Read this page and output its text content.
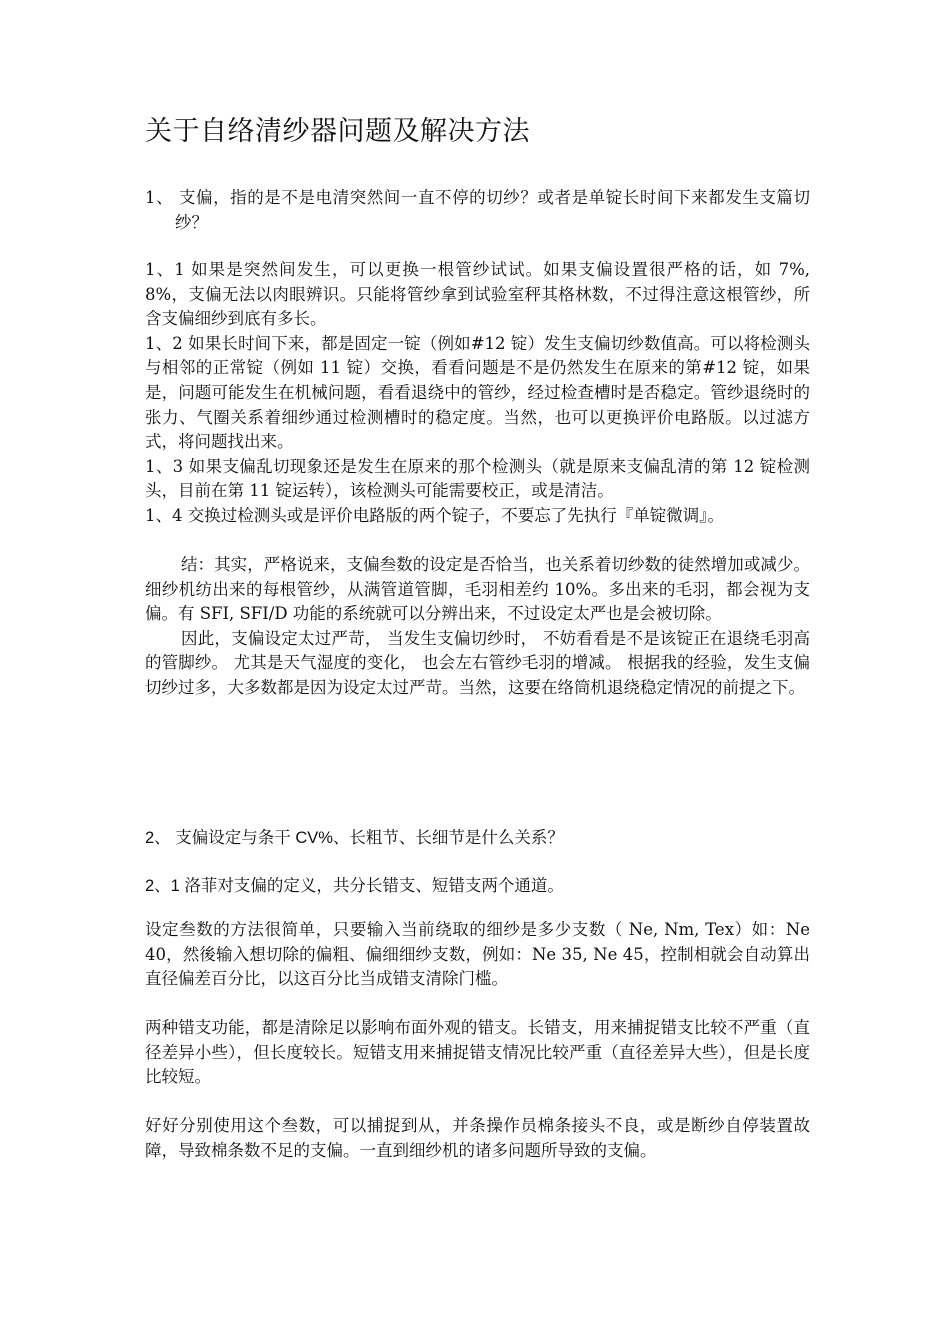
关于自络清纱器问题及解决方法

1、 支偏，指的是不是电清突然间一直不停的切纱？或者是单锭长时间下来都发生支篇切纱？

1、1 如果是突然间发生，可以更换一根管纱试试。如果支偏设置很严格的话，如 7%, 8%，支偏无法以肉眼辨识。只能将管纱拿到试验室秤其格林数，不过得注意这根管纱，所含支偏细纱到底有多长。

1、2 如果长时间下来，都是固定一锭（例如#12 锭）发生支偏切纱数值高。可以将检测头与相邻的正常锭（例如 11 锭）交换，看看问题是不是仍然发生在原来的第#12 锭，如果是，问题可能发生在机械问题，看看退绕中的管纱，经过检查槽时是否稳定。管纱退绕时的张力、气圈关系着细纱通过检测槽时的稳定度。当然，也可以更换评价电路版。以过滤方式，将问题找出来。

1、3 如果支偏乱切现象还是发生在原来的那个检测头（就是原来支偏乱清的第 12 锭检测头，目前在第 11 锭运转），该检测头可能需要校正，或是清洁。

1、4 交换过检测头或是评价电路版的两个锭子，不要忘了先执行『单锭微调』。

结：其实，严格说来，支偏叁数的设定是否恰当，也关系着切纱数的徒然增加或减少。细纱机纺出来的每根管纱，从满管道管脚，毛羽相差约 10%。多出来的毛羽，都会视为支偏。有 SFI, SFI/D 功能的系统就可以分辨出来，不过设定太严也是会被切除。

因此，支偏设定太过严苛， 当发生支偏切纱时， 不妨看看是不是该锭正在退绕毛羽高的管脚纱。 尤其是天气湿度的变化， 也会左右管纱毛羽的增减。 根据我的经验，发生支偏切纱过多，大多数都是因为设定太过严苛。当然，这要在络筒机退绕稳定情况的前提之下。

2、 支偏设定与条干 CV%、长粗节、长细节是什么关系？

2、1 洛菲对支偏的定义，共分长错支、短错支两个通道。

设定叁数的方法很简单，只要输入当前绕取的细纱是多少支数（ Ne, Nm, Tex）如：Ne 40，然後输入想切除的偏粗、偏细细纱支数，例如：Ne 35, Ne 45，控制相就会自动算出直径偏差百分比，以这百分比当成错支清除门槛。

两种错支功能，都是清除足以影响布面外观的错支。长错支，用来捕捉错支比较不严重（直径差异小些），但长度较长。短错支用来捕捉错支情况比较严重（直径差异大些），但是长度比较短。

好好分别使用这个叁数，可以捕捉到从，并条操作员棉条接头不良，或是断纱自停装置故障，导致棉条数不足的支偏。一直到细纱机的诸多问题所导致的支偏。
